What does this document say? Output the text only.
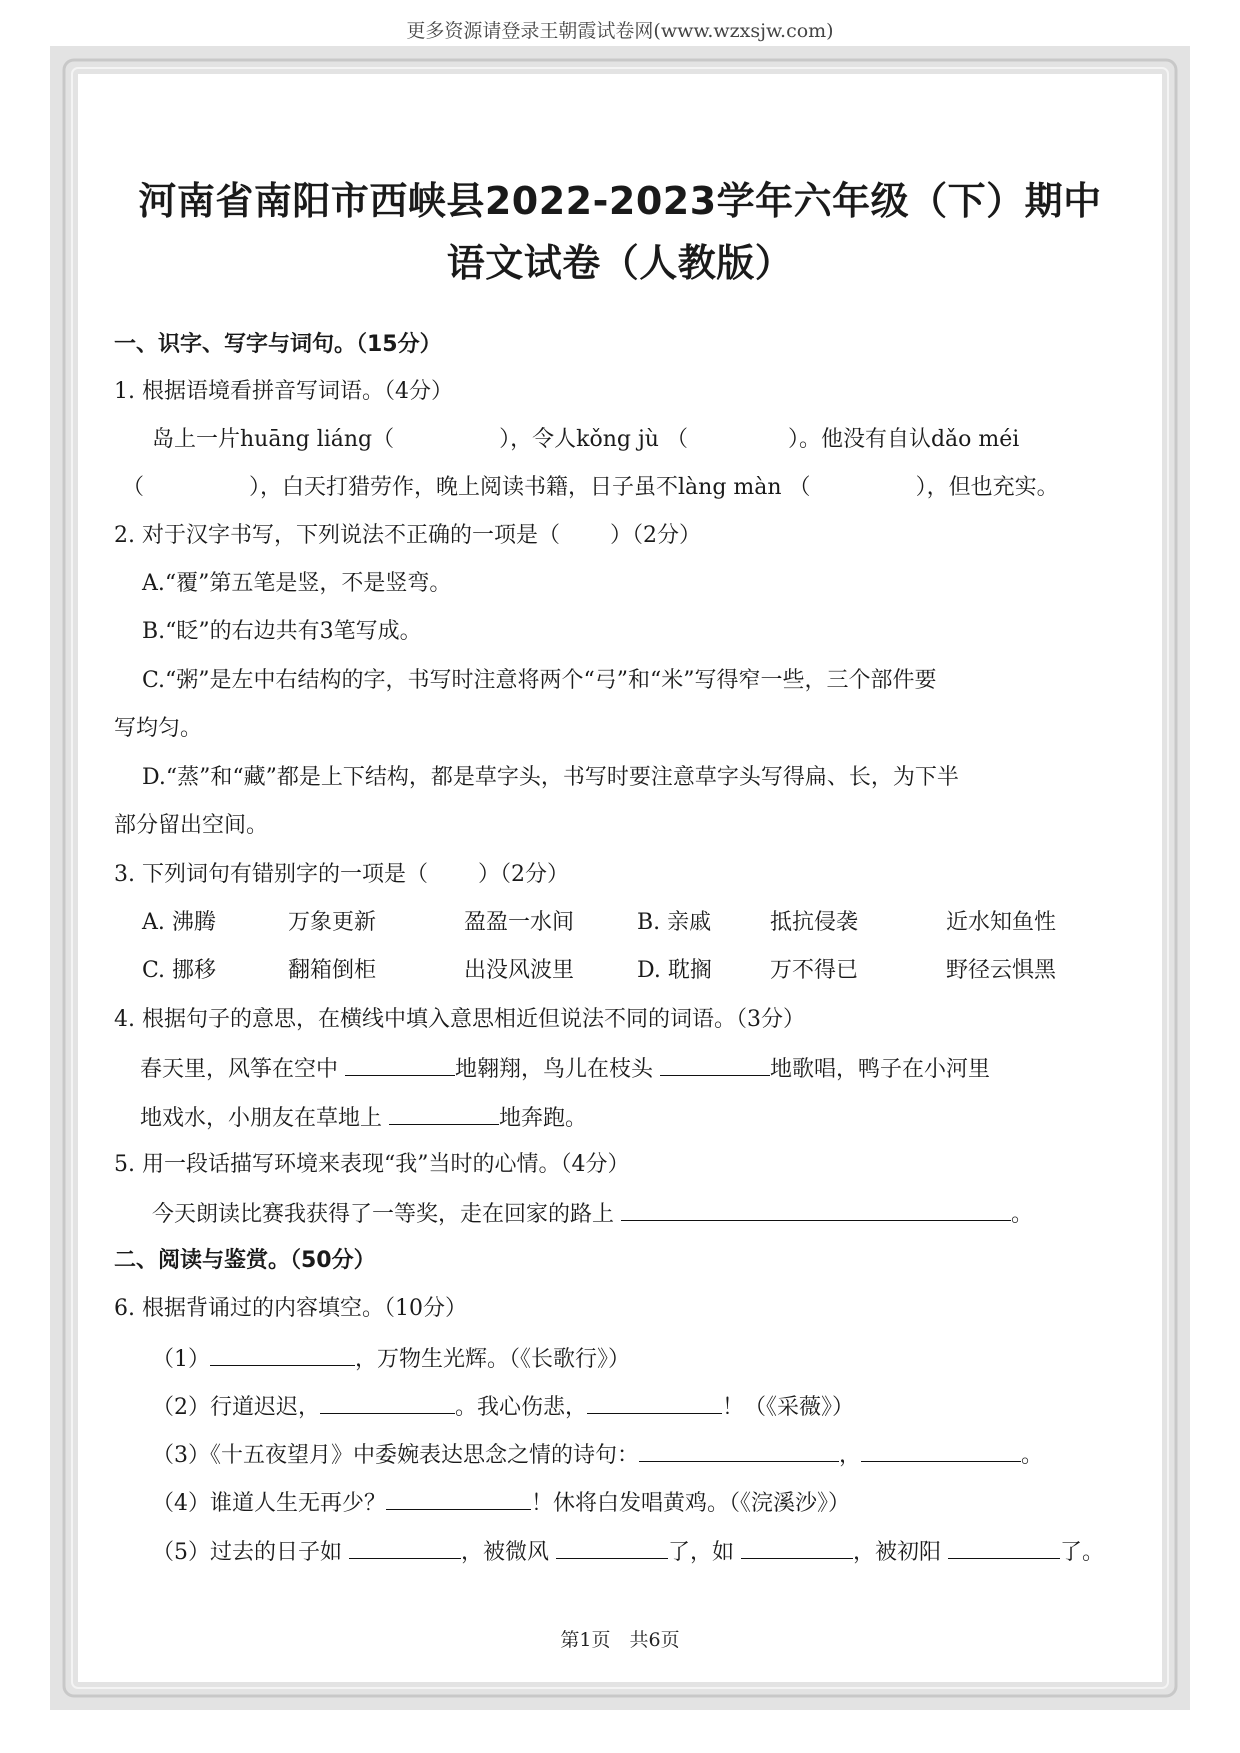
更多资源请登录王朝霞试卷网(www.wzxsjw.com)
河南省南阳市西峡县2022-2023学年六年级（下）期中
语文试卷（人教版）
一、识字、写字与词句。（15分）
1. 根据语境看拼音写词语。（4分）
岛上一片huāng liáng（	），令人kǒng jù （	）。他没有自认dǎo méi
（	），白天打猎劳作，晚上阅读书籍，日子虽不làng màn （	），但也充实。
2. 对于汉字书写，下列说法不正确的一项是（ ）（2分）
A.“覆”第五笔是竖，不是竖弯。
B.“眨”的右边共有3笔写成。
C.“粥”是左中右结构的字，书写时注意将两个“弓”和“米”写得窄一些，三个部件要
写均匀。
D.“蒸”和“藏”都是上下结构，都是草字头，书写时要注意草字头写得扁、长，为下半
部分留出空间。
3. 下列词句有错别字的一项是（ ）（2分）
A. 沸腾	万象更新	盈盈一水间	B. 亲戚	抵抗侵袭	近水知鱼性
C. 挪移	翻箱倒柜	出没风波里	D. 耽搁	万不得已	野径云惧黑
4. 根据句子的意思，在横线中填入意思相近但说法不同的词语。（3分）
春天里，风筝在空中	地翱翔，鸟儿在枝头	地歌唱，鸭子在小河里
地戏水，小朋友在草地上	地奔跑。
5. 用一段话描写环境来表现“我”当时的心情。（4分）
今天朗读比赛我获得了一等奖，走在回家的路上	。
二、阅读与鉴赏。（50分）
6. 根据背诵过的内容填空。（10分）
（1）	，万物生光辉。（《长歌行》）
（2）行道迟迟，	。我心伤悲，	！（《采薇》）
（3）《十五夜望月》中委婉表达思念之情的诗句：	，	。
（4）谁道人生无再少？	！休将白发唱黄鸡。（《浣溪沙》）
（5）过去的日子如	，被微风	了，如	，被初阳	了。
第1页　共6页
